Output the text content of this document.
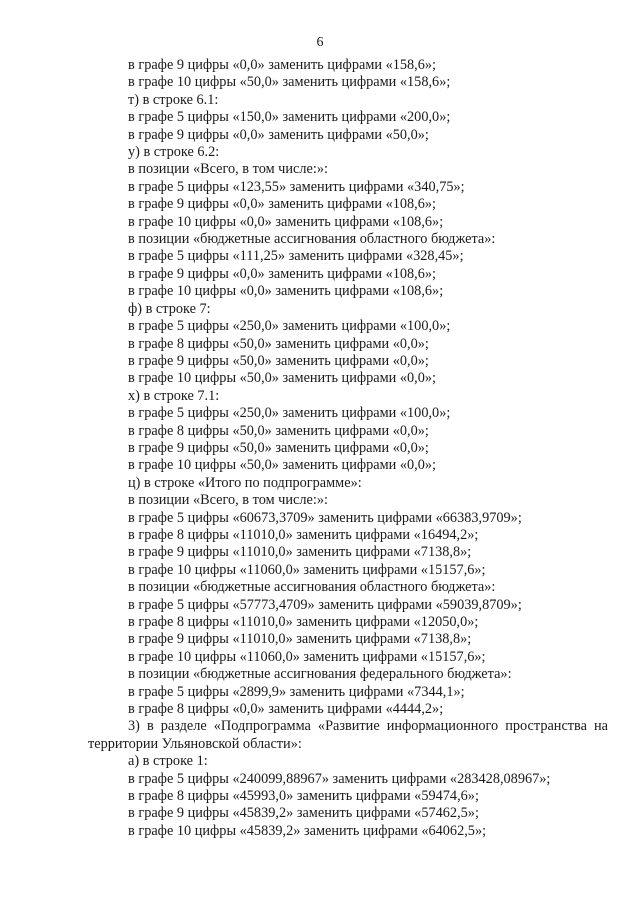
6
в графе 9 цифры «0,0» заменить цифрами «158,6»;
в графе 10 цифры «50,0» заменить цифрами «158,6»;
т) в строке 6.1:
в графе 5 цифры «150,0» заменить цифрами «200,0»;
в графе 9 цифры «0,0» заменить цифрами «50,0»;
у) в строке 6.2:
в позиции «Всего, в том числе:»:
в графе 5 цифры «123,55» заменить цифрами «340,75»;
в графе 9 цифры «0,0» заменить цифрами «108,6»;
в графе 10 цифры «0,0» заменить цифрами «108,6»;
в позиции «бюджетные ассигнования областного бюджета»:
в графе 5 цифры «111,25» заменить цифрами «328,45»;
в графе 9 цифры «0,0» заменить цифрами «108,6»;
в графе 10 цифры «0,0» заменить цифрами «108,6»;
ф) в строке 7:
в графе 5 цифры «250,0» заменить цифрами «100,0»;
в графе 8 цифры «50,0» заменить цифрами «0,0»;
в графе 9 цифры «50,0» заменить цифрами «0,0»;
в графе 10 цифры «50,0» заменить цифрами «0,0»;
х) в строке 7.1:
в графе 5 цифры «250,0» заменить цифрами «100,0»;
в графе 8 цифры «50,0» заменить цифрами «0,0»;
в графе 9 цифры «50,0» заменить цифрами «0,0»;
в графе 10 цифры «50,0» заменить цифрами «0,0»;
ц) в строке «Итого по подпрограмме»:
в позиции «Всего, в том числе:»:
в графе 5 цифры «60673,3709» заменить цифрами «66383,9709»;
в графе 8 цифры «11010,0» заменить цифрами «16494,2»;
в графе 9 цифры «11010,0» заменить цифрами «7138,8»;
в графе 10 цифры «11060,0» заменить цифрами «15157,6»;
в позиции «бюджетные ассигнования областного бюджета»:
в графе 5 цифры «57773,4709» заменить цифрами «59039,8709»;
в графе 8 цифры «11010,0» заменить цифрами «12050,0»;
в графе 9 цифры «11010,0» заменить цифрами «7138,8»;
в графе 10 цифры «11060,0» заменить цифрами «15157,6»;
в позиции «бюджетные ассигнования федерального бюджета»:
в графе 5 цифры «2899,9» заменить цифрами «7344,1»;
в графе 8 цифры «0,0» заменить цифрами «4444,2»;
3) в разделе «Подпрограмма «Развитие информационного пространства на территории Ульяновской области»:
а) в строке 1:
в графе 5 цифры «240099,88967» заменить цифрами «283428,08967»;
в графе 8 цифры «45993,0» заменить цифрами «59474,6»;
в графе 9 цифры «45839,2» заменить цифрами «57462,5»;
в графе 10 цифры «45839,2» заменить цифрами «64062,5»;
